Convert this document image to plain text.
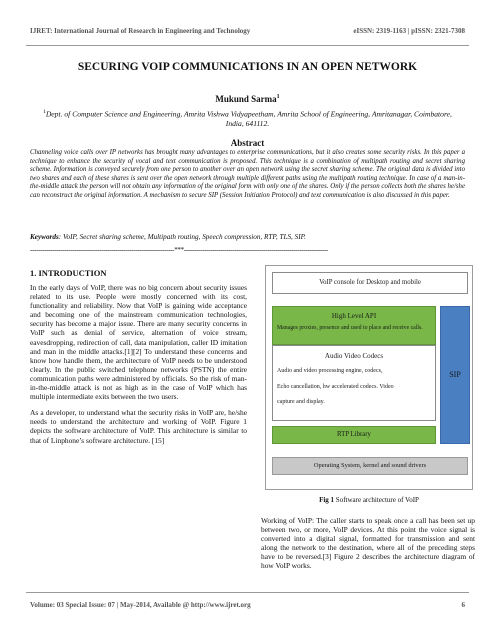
IJRET: International Journal of Research in Engineering and Technology	eISSN: 2319-1163 | pISSN: 2321-7308
SECURING VOIP COMMUNICATIONS IN AN OPEN NETWORK
Mukund Sarma$^1$
$^1$Dept. of Computer Science and Engineering, Amrita Vishwa Vidyapeetham, Amrita School of Engineering, Amritanagar, Coimbatore, India, 641112.
Abstract
Channeling voice calls over IP networks has brought many advantages to enterprise communications, but it also creates some security risks. In this paper a technique to enhance the security of vocal and text communication is proposed. This technique is a combination of multipath routing and secret sharing scheme. Information is conveyed securely from one person to another over an open network using the secret sharing scheme. The original data is divided into two shares and each of these shares is sent over the open network through multiple different paths using the multipath routing technique. In case of a man-in-the-middle attack the person will not obtain any information of the original form with only one of the shares. Only if the person collects both the shares he/she can reconstruct the original information. A mechanism to secure SIP (Session Initiation Protocol) and text communication is also discussed in this paper.
Keywords: VoIP, Secret sharing scheme, Multipath routing, Speech compression, RTP, TLS, SIP.
-----------------------------------------------------------------------***-----------------------------------------------------------------------
1. INTRODUCTION

In the early days of VoIP, there was no big concern about security issues related to its use. People were mostly concerned with its cost, functionality and reliability. Now that VoIP is gaining wide acceptance and becoming one of the mainstream communication technologies, security has become a major issue. There are many security concerns in VoIP such as denial of service, alternation of voice stream, eavesdropping, redirection of call, data manipulation, caller ID imitation and man in the middle attacks.[1][2] To understand these concerns and know how handle them, the architecture of VoIP needs to be understood clearly. In the public switched telephone networks (PSTN) the entire communication paths were administered by officials. So the risk of man-in-the-middle attack is not as high as in the case of VoIP which has multiple intermediate exits between the two users.

As a developer, to understand what the security risks in VoIP are, he/she needs to understand the architecture and working of VoIP. Figure 1 depicts the software architecture of VoIP. This architecture is similar to that of Linphone’s software architecture. [15]

VoIP console for Desktop and mobile
High Level API
Manages proxies, presence and used to place and receive calls.
Audio Video Codecs
Audio and video processing engine, codecs,
Echo cancellation, hw accelerated codecs. Video
capture and display.
RTP Library
SIP
Operating System, kernel and sound drivers
Fig 1 Software architecture of VoIP
Working of VoIP: The caller starts to speak once a call has been set up between two, or more, VoIP devices. At this point the voice signal is converted into a digital signal, formatted for transmission and sent along the network to the destination, where all of the preceding steps have to be reversed.[3] Figure 2 describes the architecture diagram of how VoIP works.
Volume: 03 Special Issue: 07 | May-2014, Available @ http://www.ijret.org	6
